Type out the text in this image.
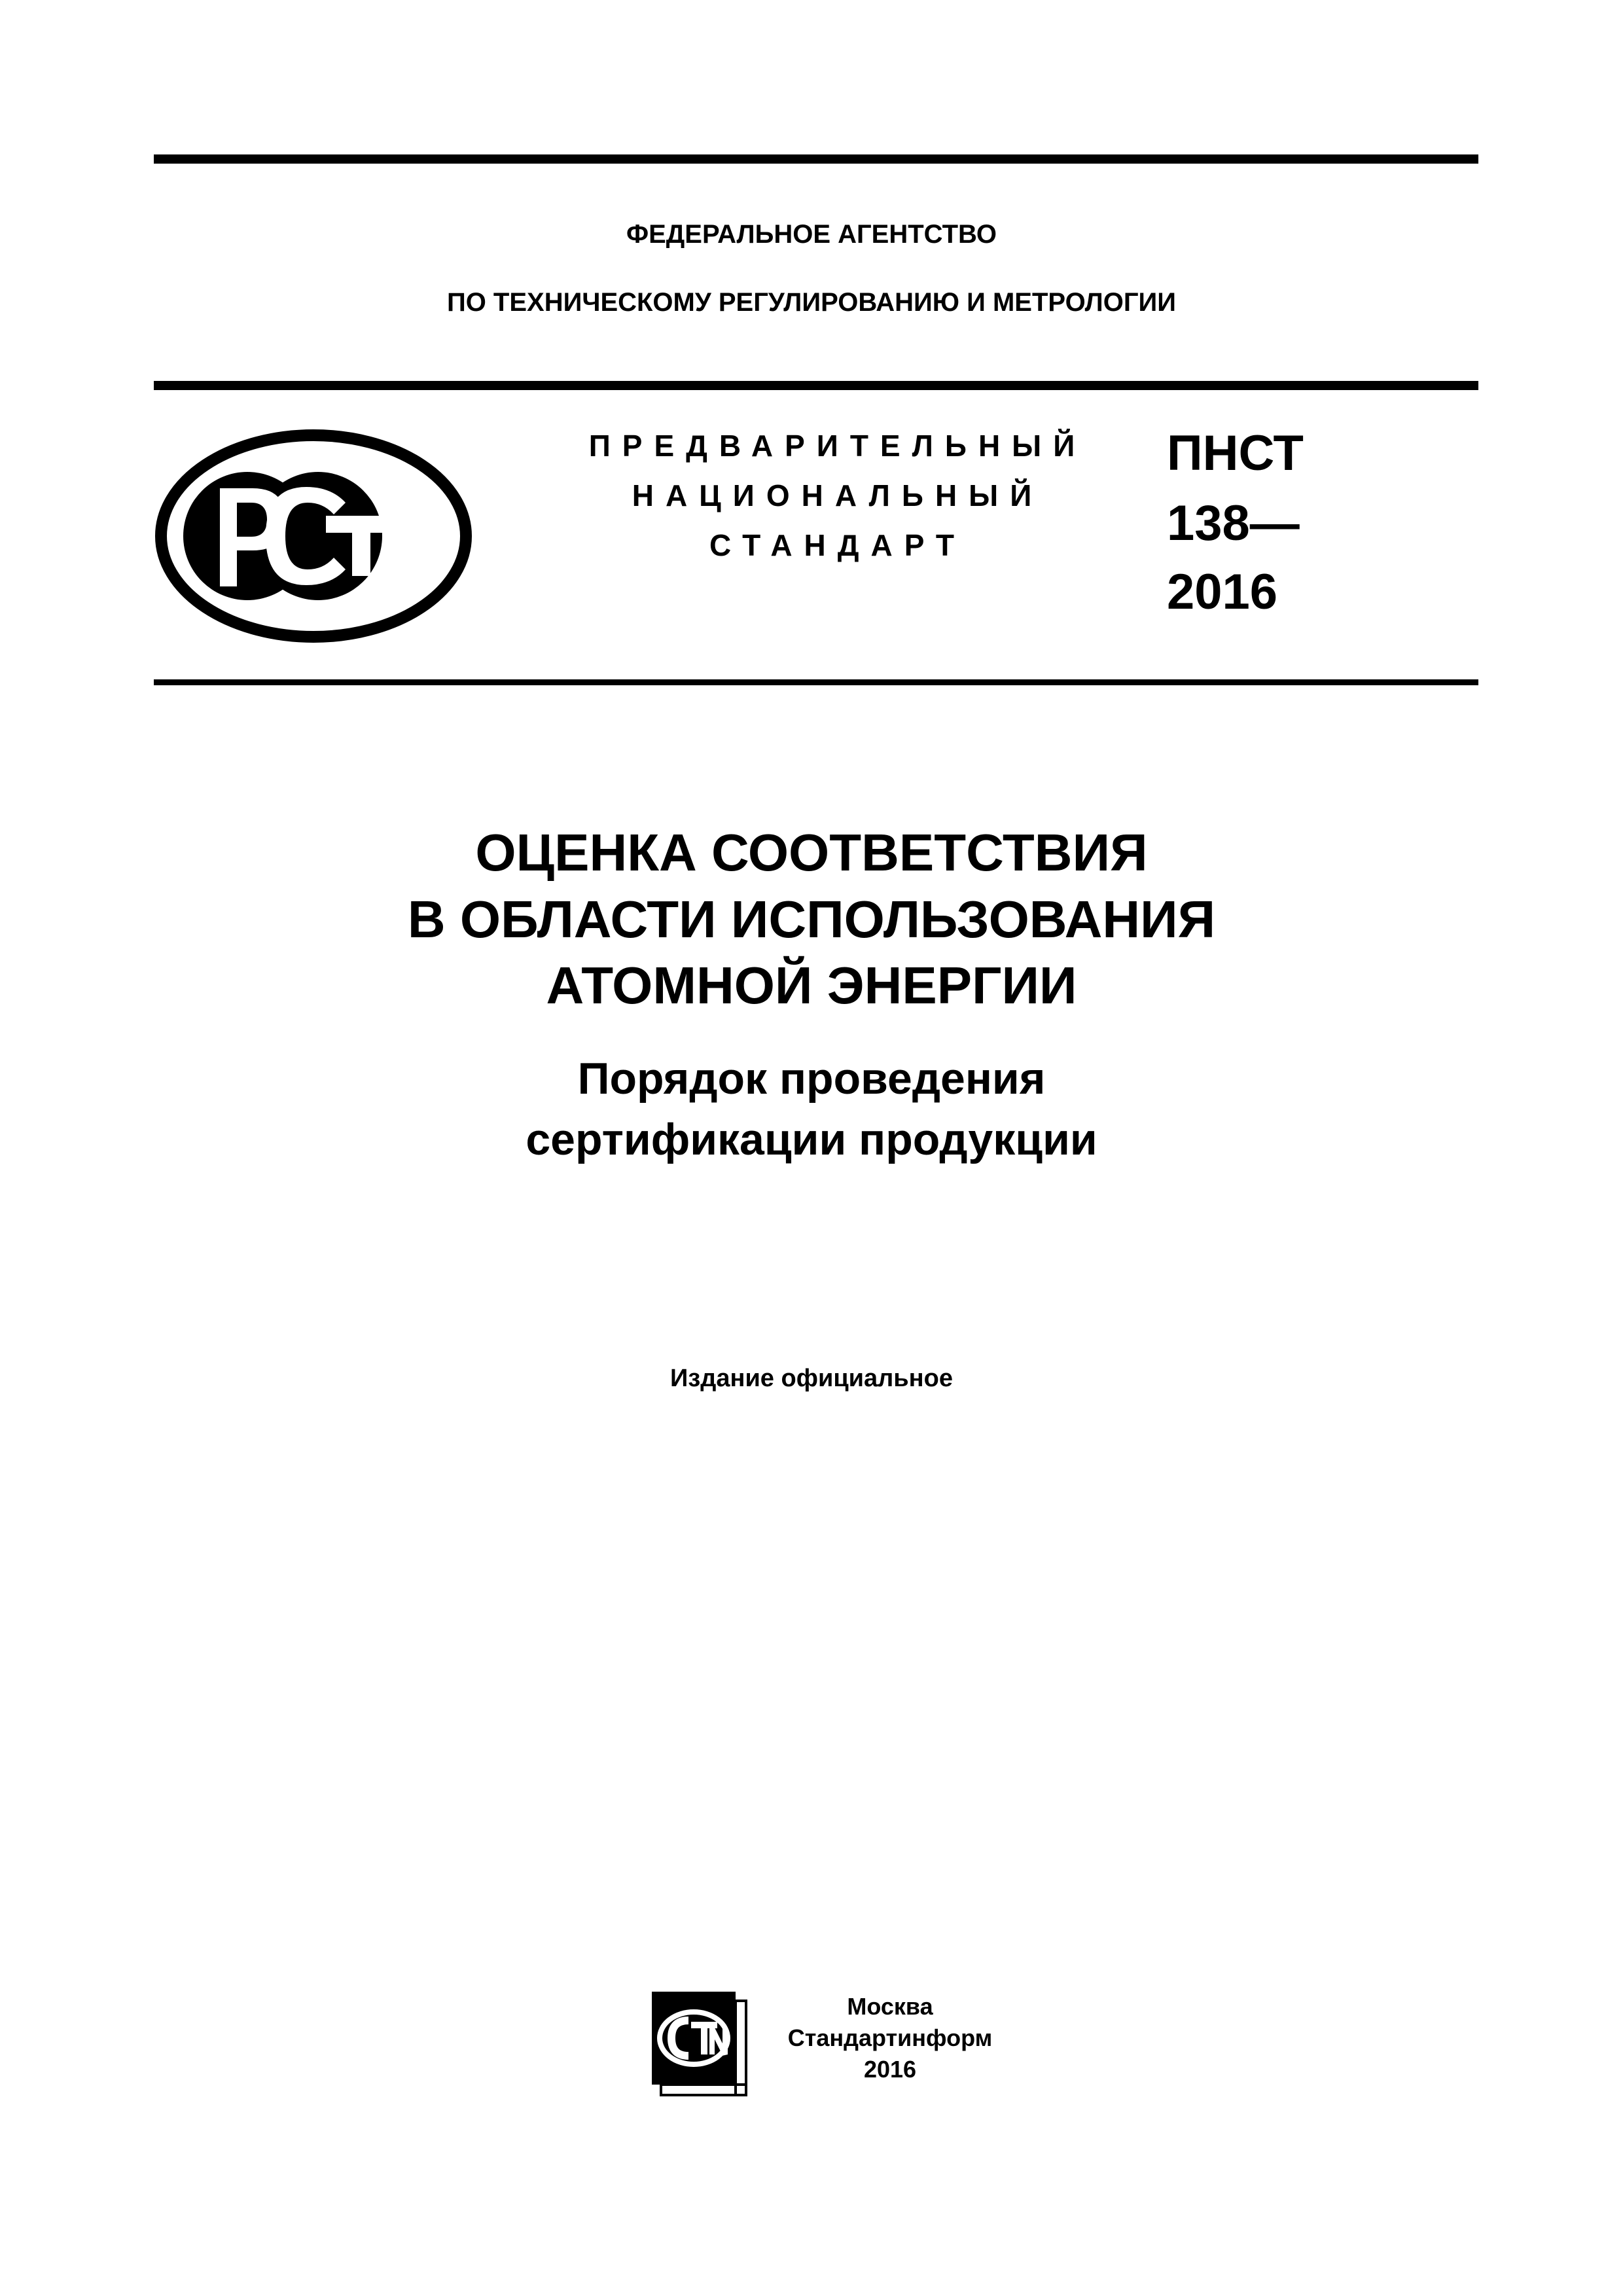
ФЕДЕРАЛЬНОЕ АГЕНТСТВО
ПО ТЕХНИЧЕСКОМУ РЕГУЛИРОВАНИЮ И МЕТРОЛОГИИ
ПРЕДВАРИТЕЛЬНЫЙ
НАЦИОНАЛЬНЫЙ
СТАНДАРТ
ПНСТ
138—
2016
ОЦЕНКА СООТВЕТСТВИЯ
В ОБЛАСТИ ИСПОЛЬЗОВАНИЯ
АТОМНОЙ ЭНЕРГИИ
Порядок проведения
сертификации продукции
Издание официальное
Москва
Стандартинформ
2016
